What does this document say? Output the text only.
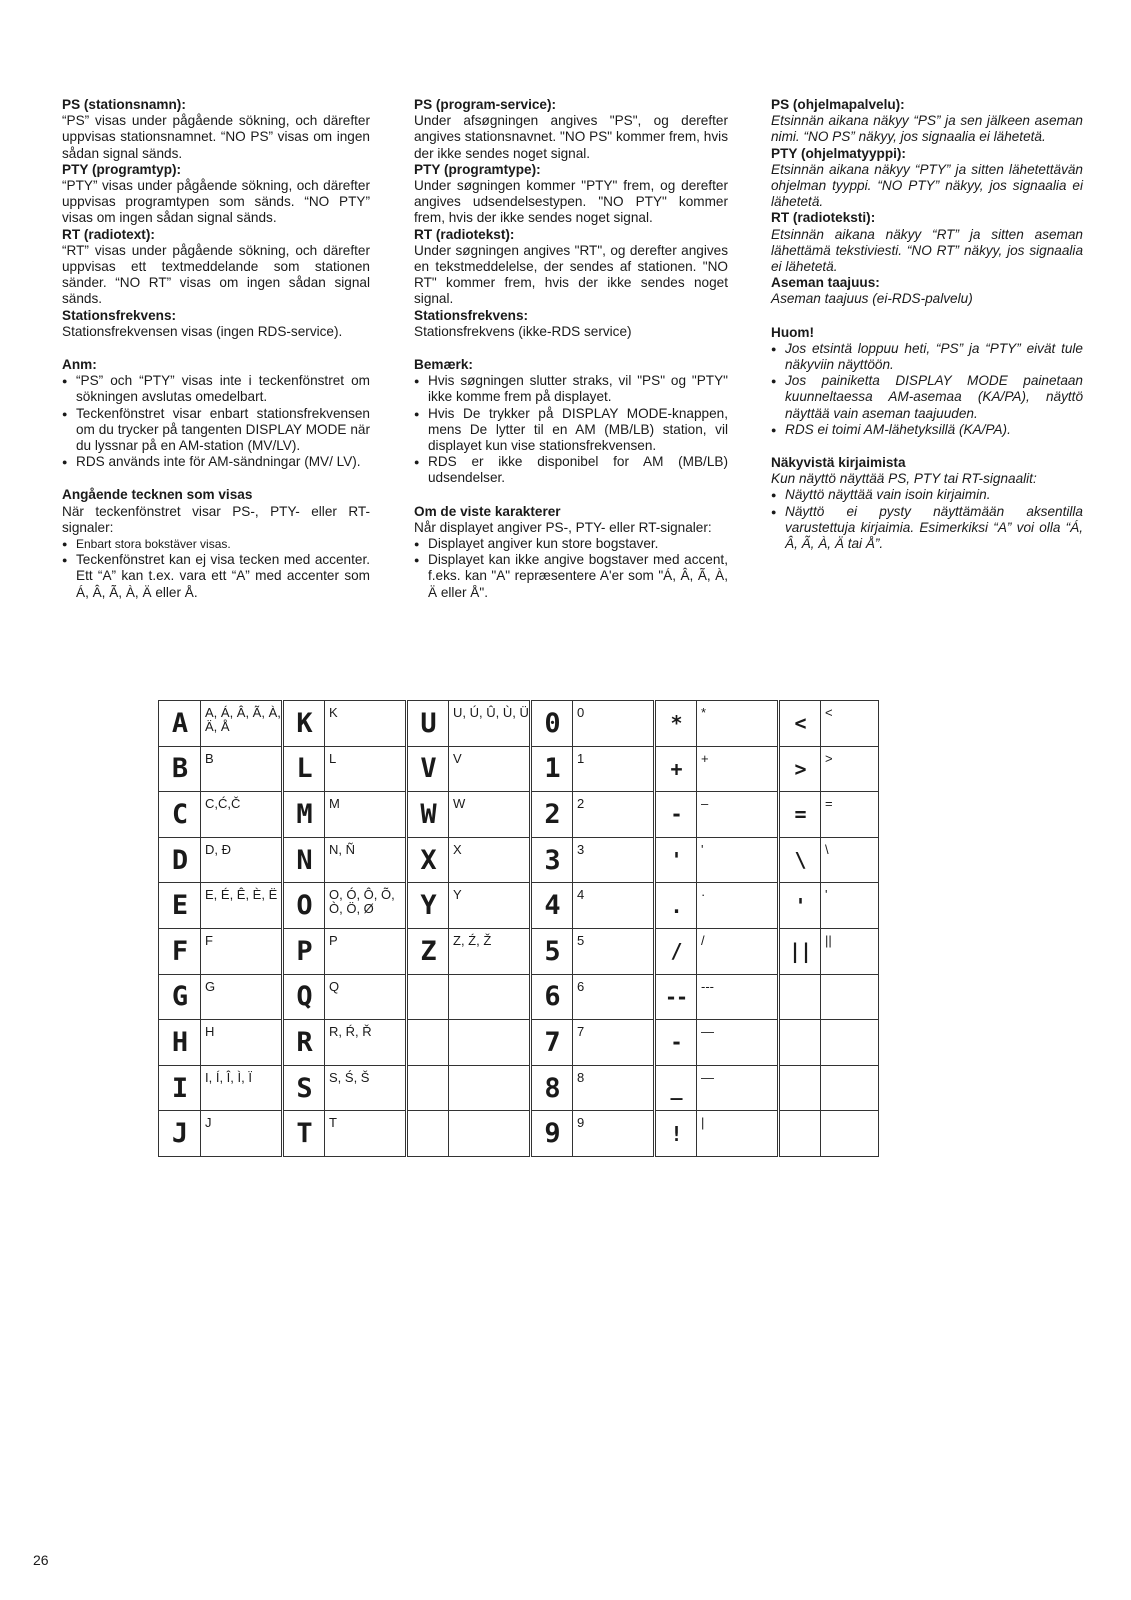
PS (stationsnamn):

“PS” visas under pågående sökning, och därefter uppvisas stationsnamnet. “NO PS” visas om ingen sådan signal sänds.

PTY (programtyp):

“PTY” visas under pågående sökning, och därefter uppvisas programtypen som sänds. “NO PTY” visas om ingen sådan signal sänds.

RT (radiotext):

“RT” visas under pågående sökning, och därefter uppvisas ett textmeddelande som stationen sänder. “NO RT” visas om ingen sådan signal sänds.

Stationsfrekvens:

Stationsfrekvensen visas (ingen RDS-service).

Anm:

● “PS” och “PTY” visas inte i teckenfönstret om sökningen avslutas omedelbart.
● Teckenfönstret visar enbart stationsfrekvensen om du trycker på tangenten DISPLAY MODE när du lyssnar på en AM-station (MV/LV).
● RDS används inte för AM-sändningar (MV/ LV).

Angående tecknen som visas

När teckenfönstret visar PS-, PTY- eller RT-signaler:

● Enbart stora bokstäver visas.
● Teckenfönstret kan ej visa tecken med accenter. Ett “A” kan t.ex. vara ett “A” med accenter som Á, Â, Ã, À, Ä eller Å.

PS (program-service):

Under afsøgningen angives "PS", og derefter angives stationsnavnet. "NO PS" kommer frem, hvis der ikke sendes noget signal.

PTY (programtype):

Under søgningen kommer "PTY" frem, og derefter angives udsendelsestypen. "NO PTY" kommer frem, hvis der ikke sendes noget signal.

RT (radiotekst):

Under søgningen angives "RT", og derefter angives en tekstmeddelelse, der sendes af stationen. "NO RT" kommer frem, hvis der ikke sendes noget signal.

Stationsfrekvens:

Stationsfrekvens (ikke-RDS service)

Bemærk:

● Hvis søgningen slutter straks, vil "PS" og "PTY" ikke komme frem på displayet.
● Hvis De trykker på DISPLAY MODE-knappen, mens De lytter til en AM (MB/LB) station, vil displayet kun vise stationsfrekvensen.
● RDS er ikke disponibel for AM (MB/LB) udsendelser.

Om de viste karakterer

Når displayet angiver PS-, PTY- eller RT-signaler:

● Displayet angiver kun store bogstaver.
● Displayet kan ikke angive bogstaver med accent, f.eks. kan "A" repræsentere A'er som "Á, Â, Ã, À, Ä eller Å".

PS (ohjelmapalvelu):

Etsinnän aikana näkyy “PS” ja sen jälkeen aseman nimi. “NO PS” näkyy, jos signaalia ei lähetetä.

PTY (ohjelmatyyppi):

Etsinnän aikana näkyy “PTY” ja sitten lähetettävän ohjelman tyyppi. “NO PTY” näkyy, jos signaalia ei lähetetä.

RT (radioteksti):

Etsinnän aikana näkyy “RT” ja sitten aseman lähettämä tekstiviesti. “NO RT” näkyy, jos signaalia ei lähetetä.

Aseman taajuus:

Aseman taajuus (ei-RDS-palvelu)

Huom!

● Jos etsintä loppuu heti, “PS” ja “PTY” eivät tule näkyviin näyttöön.
● Jos painiketta DISPLAY MODE painetaan kuunneltaessa AM-asemaa (KA/PA), näyttö näyttää vain aseman taajuuden.
● RDS ei toimi AM-lähetyksillä (KA/PA).

Näkyvistä kirjaimista

Kun näyttö näyttää PS, PTY tai RT-signaalit:

● Näyttö näyttää vain isoin kirjaimin.
● Näyttö ei pysty näyttämään aksentilla varustettuja kirjaimia. Esimerkiksi “A” voi olla “Á, Â, Ã, À, Ä tai Å”.
A	A, Á, Â, Ã, À, Ä, Å	K	K	U	U, Ú, Û, Ù, Ü	0	0	*	*	<	<
B	B	L	L	V	V	1	1	+	+	>	>
C	C,Ć,Č	M	M	W	W	2	2	-	–	=	=
D	D, Đ	N	N, Ñ	X	X	3	3	'	'	\	\
E	E, É, Ê, È, Ë	O	O, Ó, Ô, Õ, Ò, Ö, Ø	Y	Y	4	4	.	·	'	'
F	F	P	P	Z	Z, Ź, Ž	5	5	/	/	||	||
G	G	Q	Q			6	6	--	---		
H	H	R	R, Ŕ, Ř			7	7	-	—		
I	I, Í, Î, Ì, Ï	S	S, Ś, Š			8	8	_	—		
J	J	T	T			9	9	!	|		
26
